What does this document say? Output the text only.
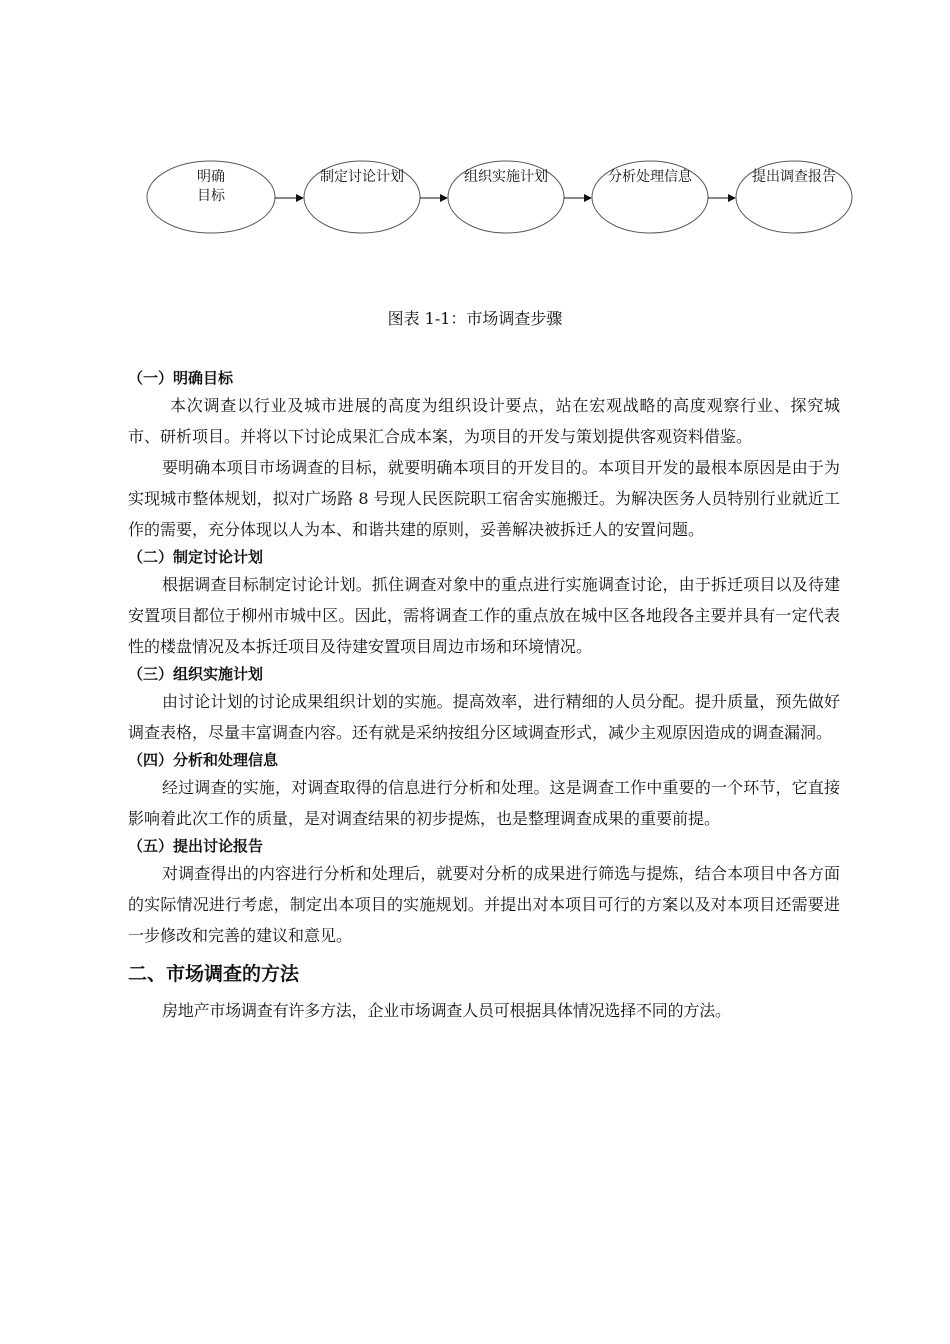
明确
目标
制定讨论计划	组织实施计划	分析处理信息	提出调查报告
图表 1-1：市场调查步骤
（一）明确目标

本次调查以行业及城市进展的高度为组织设计要点，站在宏观战略的高度观察行业、探究城市、研析项目。并将以下讨论成果汇合成本案，为项目的开发与策划提供客观资料借鉴。

要明确本项目市场调查的目标，就要明确本项目的开发目的。本项目开发的最根本原因是由于为实现城市整体规划，拟对广场路 8 号现人民医院职工宿舍实施搬迁。为解决医务人员特别行业就近工作的需要，充分体现以人为本、和谐共建的原则，妥善解决被拆迁人的安置问题。

（二）制定讨论计划

根据调查目标制定讨论计划。抓住调查对象中的重点进行实施调查讨论，由于拆迁项目以及待建安置项目都位于柳州市城中区。因此，需将调查工作的重点放在城中区各地段各主要并具有一定代表性的楼盘情况及本拆迁项目及待建安置项目周边市场和环境情况。

（三）组织实施计划

由讨论计划的讨论成果组织计划的实施。提高效率，进行精细的人员分配。提升质量，预先做好调查表格，尽量丰富调查内容。还有就是采纳按组分区域调查形式，减少主观原因造成的调查漏洞。

（四）分析和处理信息

经过调查的实施，对调查取得的信息进行分析和处理。这是调查工作中重要的一个环节，它直接影响着此次工作的质量，是对调查结果的初步提炼，也是整理调查成果的重要前提。

（五）提出讨论报告

对调查得出的内容进行分析和处理后，就要对分析的成果进行筛选与提炼，结合本项目中各方面的实际情况进行考虑，制定出本项目的实施规划。并提出对本项目可行的方案以及对本项目还需要进一步修改和完善的建议和意见。

二、市场调查的方法

房地产市场调查有许多方法，企业市场调查人员可根据具体情况选择不同的方法。
